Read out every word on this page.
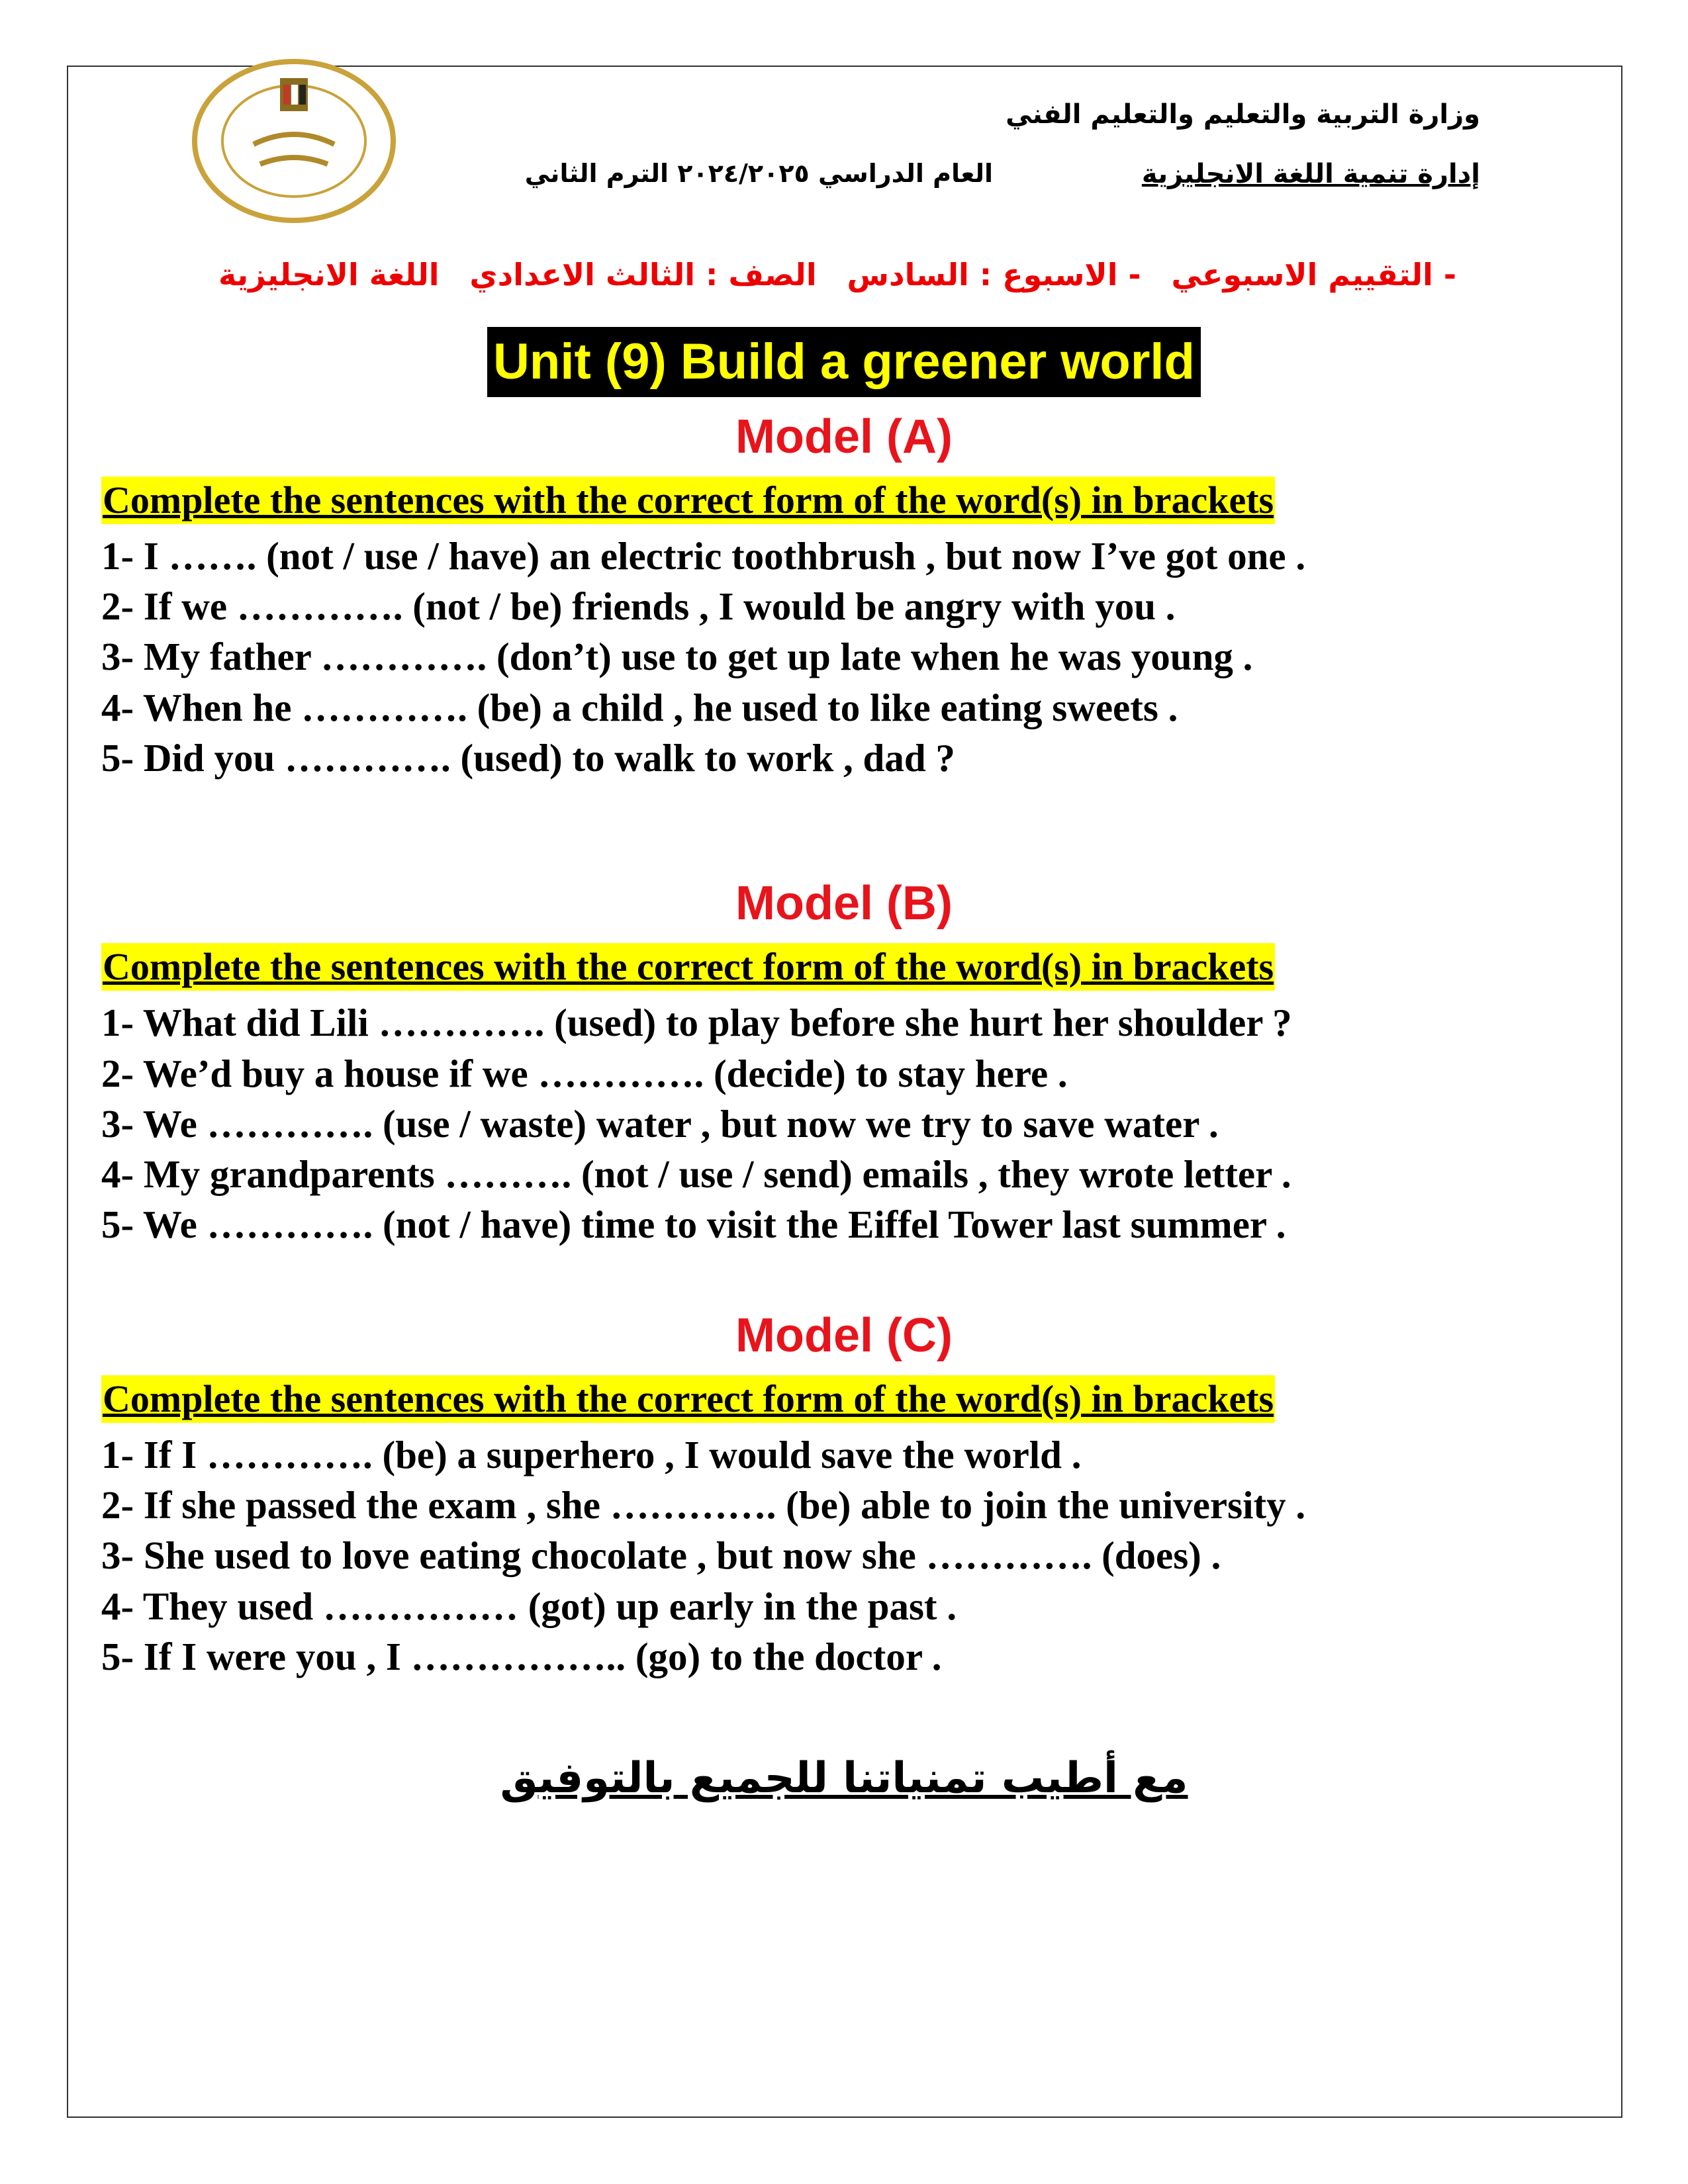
وزارة التربية والتعليم والتعليم الفني
إدارة تنمية اللغة الانجليزية
العام الدراسي ٢٠٢٤/٢٠٢٥ الترم الثاني
اللغة الانجليزية الصف : الثالث الاعدادي - الاسبوع : السادس - التقييم الاسبوعي
Unit (9) Build a greener world
Model (A)
Complete the sentences with the correct form of the word(s) in brackets
1- I ……. (not / use / have) an electric toothbrush , but now I’ve got one .
2- If we …………. (not / be) friends , I would be angry with you .
3- My father …………. (don’t) use to get up late when he was young .
4- When he …………. (be) a child , he used to like eating sweets .
5- Did you …………. (used) to walk to work , dad ?
Model (B)
Complete the sentences with the correct form of the word(s) in brackets
1- What did Lili …………. (used) to play before she hurt her shoulder ?
2- We’d buy a house if we …………. (decide) to stay here .
3- We …………. (use / waste) water , but now we try to save water .
4- My grandparents ………. (not / use / send) emails , they wrote letter .
5- We …………. (not / have) time to visit the Eiffel Tower last summer .
Model (C)
Complete the sentences with the correct form of the word(s) in brackets
1- If I …………. (be) a superhero , I would save the world .
2- If she passed the exam , she …………. (be) able to join the university .
3- She used to love eating chocolate , but now she …………. (does) .
4- They used …………… (got) up early in the past .
5- If I were you , I …………….. (go) to the doctor .
مع أطيب تمنياتنا للجميع بالتوفيق
